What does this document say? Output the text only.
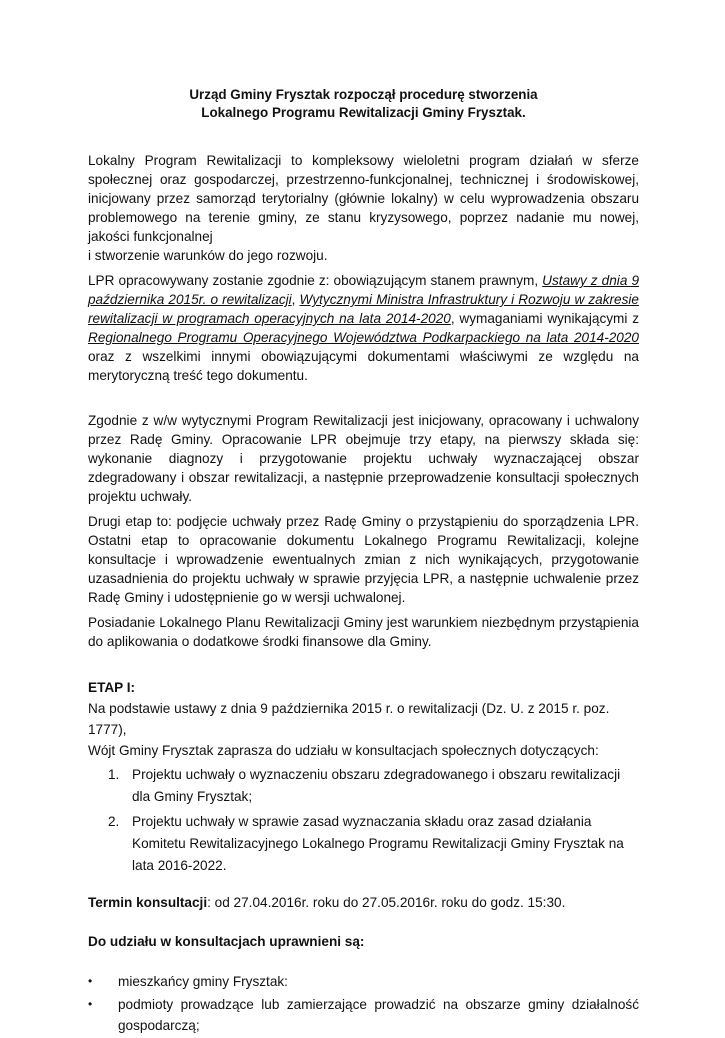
Urząd Gminy Frysztak rozpoczął procedurę stworzenia
Lokalnego Programu Rewitalizacji Gminy Frysztak.

Lokalny Program Rewitalizacji to kompleksowy wieloletni program działań w sferze społecznej oraz gospodarczej, przestrzenno-funkcjonalnej, technicznej i środowiskowej, inicjowany przez samorząd terytorialny (głównie lokalny) w celu wyprowadzenia obszaru problemowego na terenie gminy, ze stanu kryzysowego, poprzez nadanie mu nowej, jakości funkcjonalnej
i stworzenie warunków do jego rozwoju.

LPR opracowywany zostanie zgodnie z: obowiązującym stanem prawnym, Ustawy z dnia 9 października 2015r. o rewitalizacji, Wytycznymi Ministra Infrastruktury i Rozwoju w zakresie rewitalizacji w programach operacyjnych na lata 2014-2020, wymaganiami wynikającymi z Regionalnego Programu Operacyjnego Województwa Podkarpackiego na lata 2014-2020 oraz z wszelkimi innymi obowiązującymi dokumentami właściwymi ze względu na merytoryczną treść tego dokumentu.

Zgodnie z w/w wytycznymi Program Rewitalizacji jest inicjowany, opracowany i uchwalony przez Radę Gminy. Opracowanie LPR obejmuje trzy etapy, na pierwszy składa się: wykonanie diagnozy i przygotowanie projektu uchwały wyznaczającej obszar zdegradowany i obszar rewitalizacji, a następnie przeprowadzenie konsultacji społecznych projektu uchwały.

Drugi etap to: podjęcie uchwały przez Radę Gminy o przystąpieniu do sporządzenia LPR. Ostatni etap to opracowanie dokumentu Lokalnego Programu Rewitalizacji, kolejne konsultacje i wprowadzenie ewentualnych zmian z nich wynikających, przygotowanie uzasadnienia do projektu uchwały w sprawie przyjęcia LPR, a następnie uchwalenie przez Radę Gminy i udostępnienie go w wersji uchwalonej.

Posiadanie Lokalnego Planu Rewitalizacji Gminy jest warunkiem niezbędnym przystąpienia do aplikowania o dodatkowe środki finansowe dla Gminy.

ETAP I:
Na podstawie ustawy z dnia 9 października 2015 r. o rewitalizacji (Dz. U. z 2015 r. poz. 1777),
Wójt Gminy Frysztak zaprasza do udziału w konsultacjach społecznych dotyczących:
1. Projektu uchwały o wyznaczeniu obszaru zdegradowanego i obszaru rewitalizacji dla Gminy Frysztak;
2. Projektu uchwały w sprawie zasad wyznaczania składu oraz zasad działania Komitetu Rewitalizacyjnego Lokalnego Programu Rewitalizacji Gminy Frysztak na lata 2016-2022.

Termin konsultacji: od 27.04.2016r. roku do 27.05.2016r. roku do godz. 15:30.

Do udziału w konsultacjach uprawnieni są:

• mieszkańcy gminy Frysztak:
• podmioty prowadzące lub zamierzające prowadzić na obszarze gminy działalność gospodarczą;
